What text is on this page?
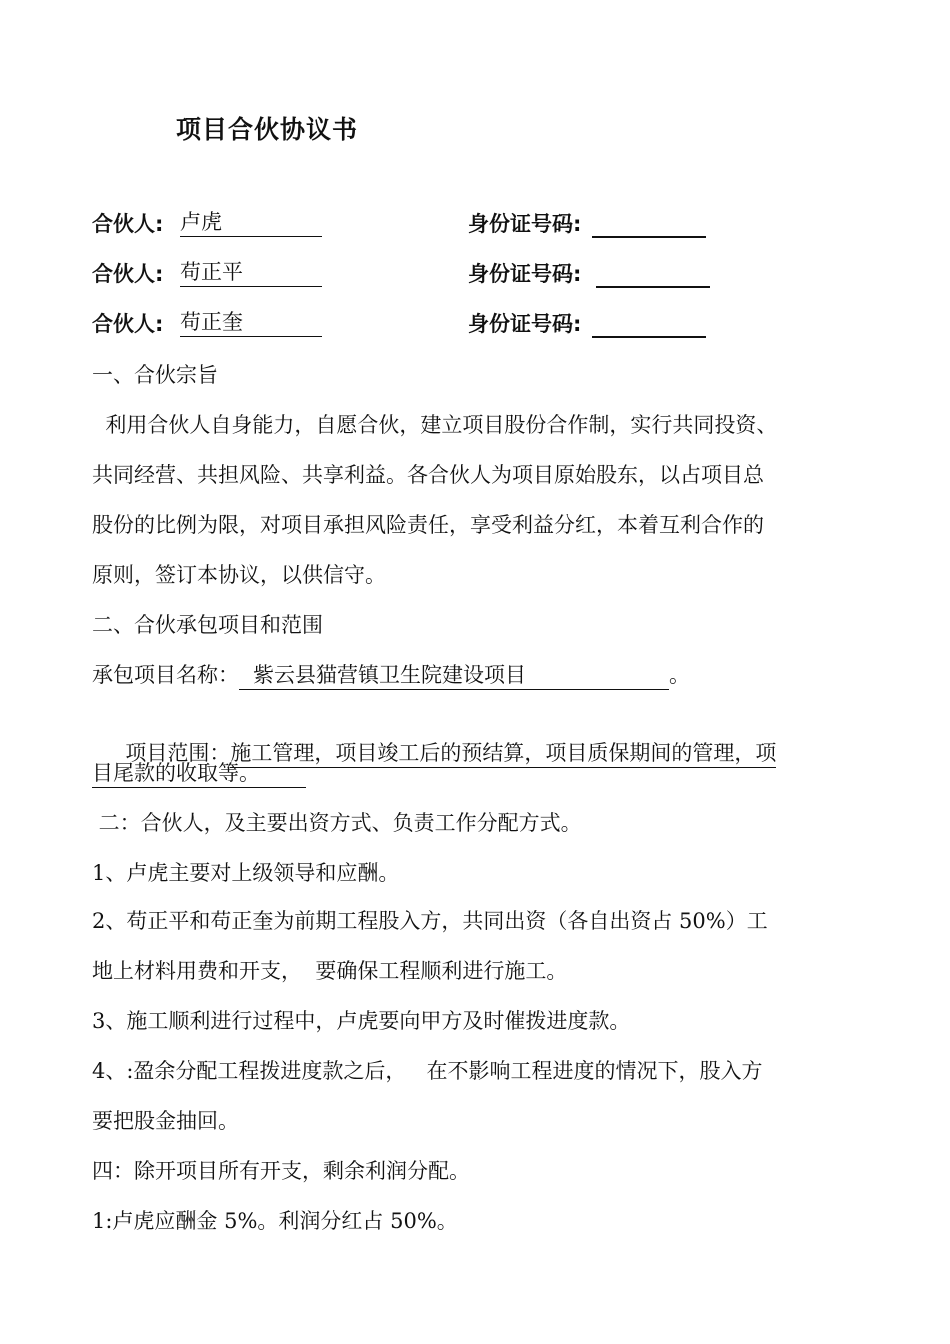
项目合伙协议书
合伙人: 卢虎	身份证号码:
合伙人: 苟正平	身份证号码:
合伙人: 苟正奎	身份证号码:
一、合伙宗旨
利用合伙人自身能力，自愿合伙，建立项目股份合作制，实行共同投资、
共同经营、共担风险、共享利益。各合伙人为项目原始股东，以占项目总
股份的比例为限，对项目承担风险责任，享受利益分红，本着互利合作的
原则，签订本协议，以供信守。
二、合伙承包项目和范围
承包项目名称： 紫云县猫营镇卫生院建设项目	。

项目范围：施工管理，项目竣工后的预结算，项目质保期间的管理，项

目尾款的收取等。
二：合伙人，及主要出资方式、负责工作分配方式。
1、卢虎主要对上级领导和应酬。
2、苟正平和苟正奎为前期工程股入方，共同出资（各自出资占 50%）工
地上材料用费和开支，  要确保工程顺利进行施工。
3、施工顺利进行过程中，卢虎要向甲方及时催拨进度款。
4、:盈余分配工程拨进度款之后，   在不影响工程进度的情况下，股入方
要把股金抽回。
四：除开项目所有开支，剩余利润分配。
1:卢虎应酬金 5%。利润分红占 50%。
